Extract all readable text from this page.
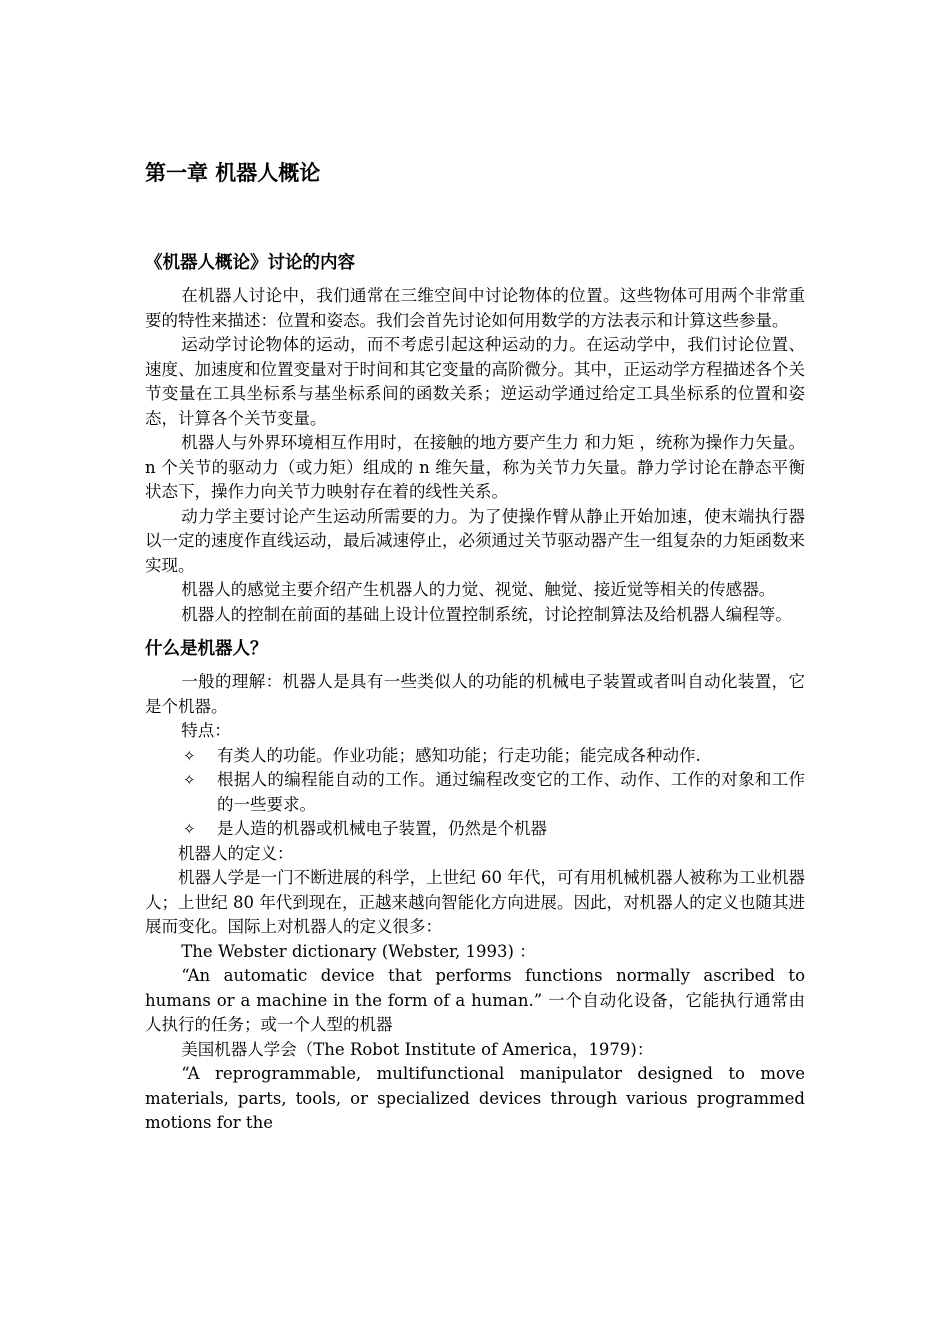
第一章 机器人概论
《机器人概论》讨论的内容

在机器人讨论中，我们通常在三维空间中讨论物体的位置。这些物体可用两个非常重要的特性来描述：位置和姿态。我们会首先讨论如何用数学的方法表示和计算这些参量。

运动学讨论物体的运动，而不考虑引起这种运动的力。在运动学中，我们讨论位置、速度、加速度和位置变量对于时间和其它变量的高阶微分。其中，正运动学方程描述各个关节变量在工具坐标系与基坐标系间的函数关系；逆运动学通过给定工具坐标系的位置和姿态，计算各个关节变量。

机器人与外界环境相互作用时，在接触的地方要产生力 和力矩 ，统称为操作力矢量。n 个关节的驱动力（或力矩）组成的 n 维矢量，称为关节力矢量。静力学讨论在静态平衡状态下，操作力向关节力映射存在着的线性关系。

动力学主要讨论产生运动所需要的力。为了使操作臂从静止开始加速，使末端执行器以一定的速度作直线运动，最后减速停止，必须通过关节驱动器产生一组复杂的力矩函数来实现。

机器人的感觉主要介绍产生机器人的力觉、视觉、触觉、接近觉等相关的传感器。

机器人的控制在前面的基础上设计位置控制系统，讨论控制算法及给机器人编程等。

什么是机器人？

一般的理解：机器人是具有一些类似人的功能的机械电子装置或者叫自动化装置，它是个机器。

特点：

✧ 有类人的功能。作业功能；感知功能；行走功能；能完成各种动作.
✧ 根据人的编程能自动的工作。通过编程改变它的工作、动作、工作的对象和工作的一些要求。
✧ 是人造的机器或机械电子装置，仍然是个机器

机器人的定义：

机器人学是一门不断进展的科学，上世纪 60 年代，可有用机械机器人被称为工业机器人；上世纪 80 年代到现在，正越来越向智能化方向进展。因此，对机器人的定义也随其进展而变化。国际上对机器人的定义很多：

The Webster dictionary (Webster, 1993) ：

“An automatic device that performs functions normally ascribed to humans or a machine in the form of a human.” 一个自动化设备，它能执行通常由人执行的任务；或一个人型的机器

美国机器人学会（The Robot Institute of America，1979)：

“A reprogrammable, multifunctional manipulator designed to move materials, parts, tools, or specialized devices through various programmed motions for the
